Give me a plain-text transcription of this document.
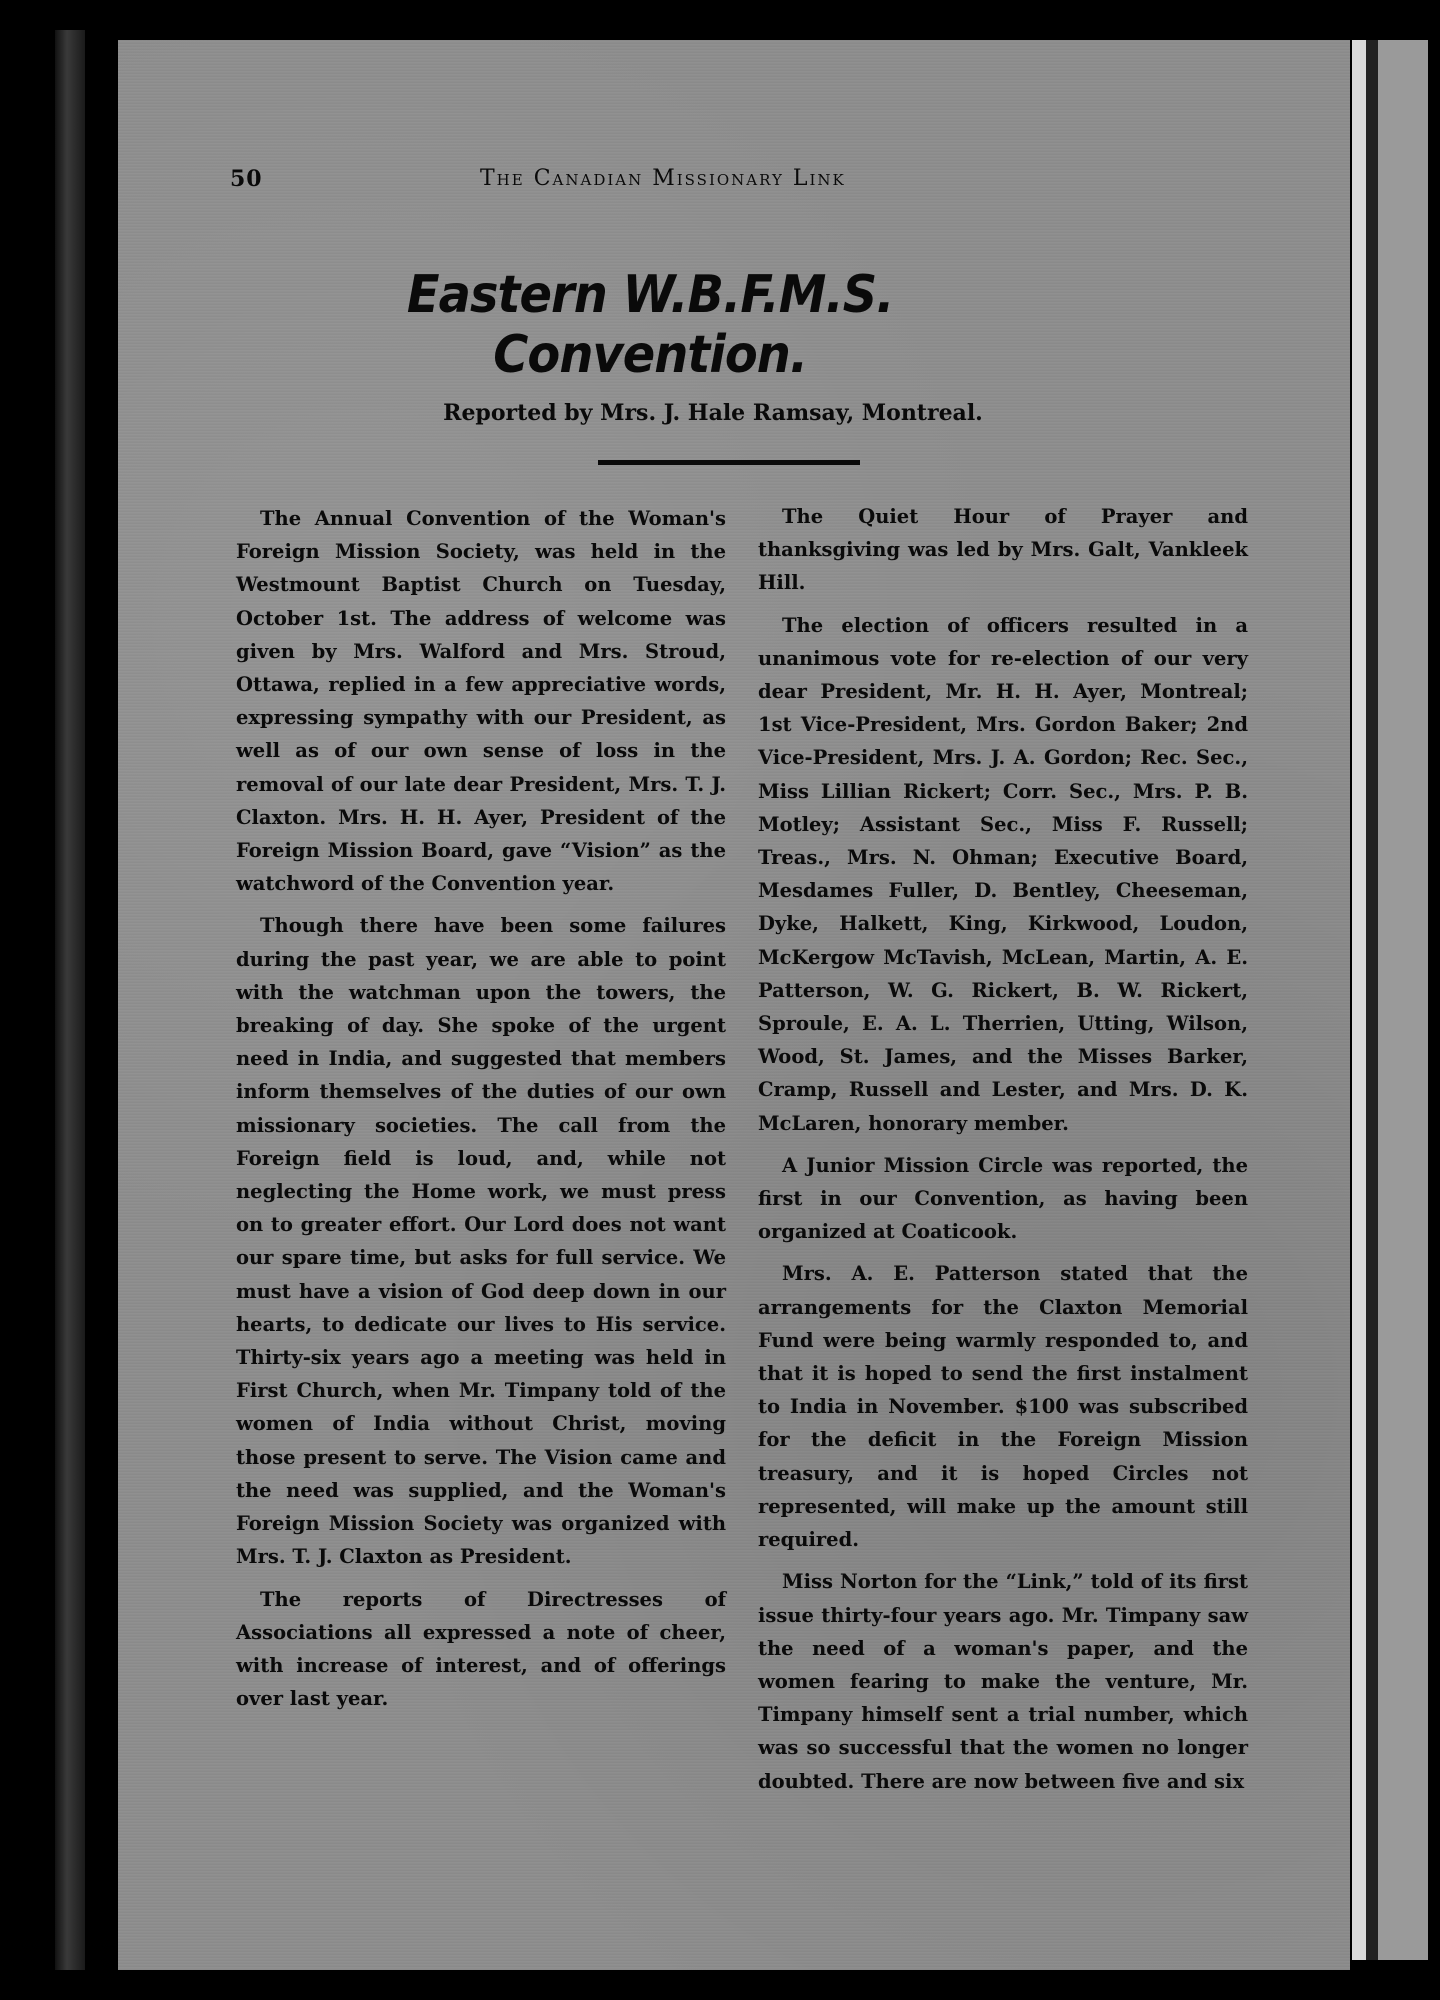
50	The Canadian Missionary Link
Eastern W.B.F.M.S. Convention.
Reported by Mrs. J. Hale Ramsay, Montreal.

The Annual Convention of the Woman's Foreign Mission Society, was held in the Westmount Baptist Church on Tuesday, October 1st. The address of welcome was given by Mrs. Walford and Mrs. Stroud, Ottawa, replied in a few appreciative words, expressing sympathy with our President, as well as of our own sense of loss in the removal of our late dear President, Mrs. T. J. Claxton. Mrs. H. H. Ayer, President of the Foreign Mission Board, gave “Vision” as the watchword of the Convention year.

Though there have been some failures during the past year, we are able to point with the watchman upon the towers, the breaking of day. She spoke of the urgent need in India, and suggested that members inform themselves of the duties of our own missionary societies. The call from the Foreign field is loud, and, while not neglecting the Home work, we must press on to greater effort. Our Lord does not want our spare time, but asks for full service. We must have a vision of God deep down in our hearts, to dedicate our lives to His service. Thirty-six years ago a meeting was held in First Church, when Mr. Timpany told of the women of India without Christ, moving those present to serve. The Vision came and the need was supplied, and the Woman's Foreign Mission Society was organized with Mrs. T. J. Claxton as President.

The reports of Directresses of Associations all expressed a note of cheer, with increase of interest, and of offerings over last year.

The Quiet Hour of Prayer and thanksgiving was led by Mrs. Galt, Vankleek Hill.

The election of officers resulted in a unanimous vote for re-election of our very dear President, Mr. H. H. Ayer, Montreal; 1st Vice-President, Mrs. Gordon Baker; 2nd Vice-President, Mrs. J. A. Gordon; Rec. Sec., Miss Lillian Rickert; Corr. Sec., Mrs. P. B. Motley; Assistant Sec., Miss F. Russell; Treas., Mrs. N. Ohman; Executive Board, Mesdames Fuller, D. Bentley, Cheeseman, Dyke, Halkett, King, Kirkwood, Loudon, McKergow McTavish, McLean, Martin, A. E. Patterson, W. G. Rickert, B. W. Rickert, Sproule, E. A. L. Therrien, Utting, Wilson, Wood, St. James, and the Misses Barker, Cramp, Russell and Lester, and Mrs. D. K. McLaren, honorary member.

A Junior Mission Circle was reported, the first in our Convention, as having been organized at Coaticook.

Mrs. A. E. Patterson stated that the arrangements for the Claxton Memorial Fund were being warmly responded to, and that it is hoped to send the first instalment to India in November. $100 was subscribed for the deficit in the Foreign Mission treasury, and it is hoped Circles not represented, will make up the amount still required.

Miss Norton for the “Link,” told of its first issue thirty-four years ago. Mr. Timpany saw the need of a woman's paper, and the women fearing to make the venture, Mr. Timpany himself sent a trial number, which was so successful that the women no longer doubted. There are now between five and six
